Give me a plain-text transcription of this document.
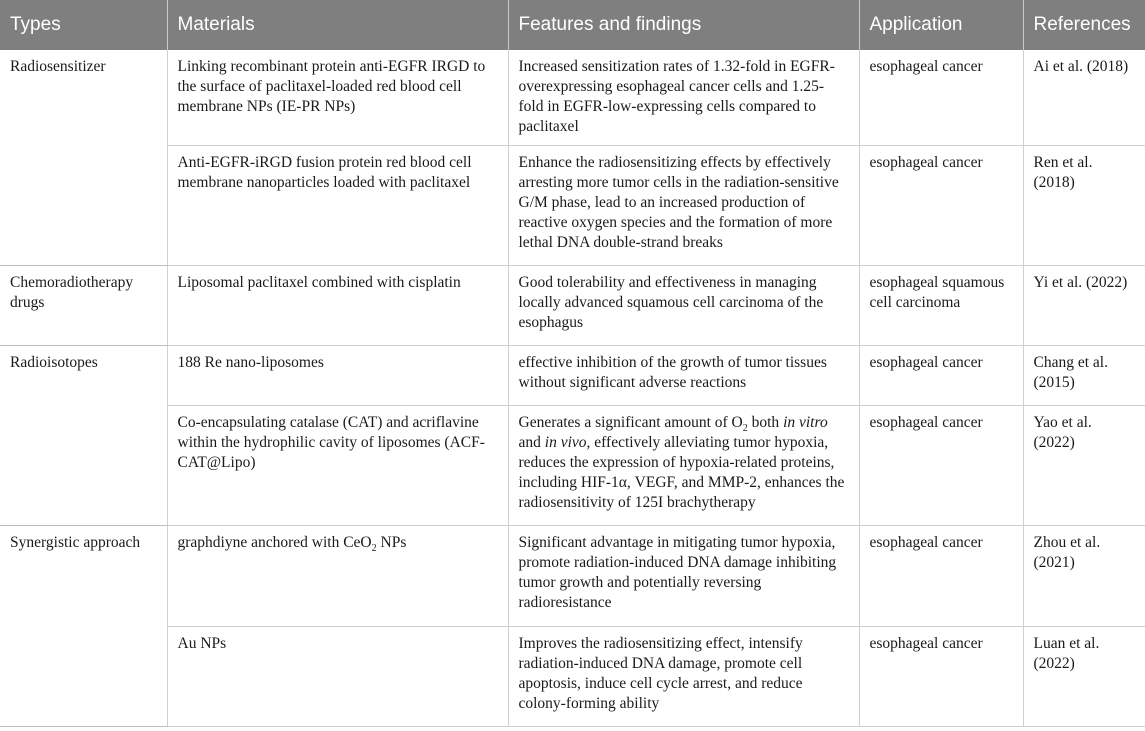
Types	Materials	Features and findings	Application	References
Radiosensitizer	Linking recombinant protein anti-EGFR IRGD to the surface of paclitaxel-loaded red blood cell membrane NPs (IE-PR NPs)	Increased sensitization rates of 1.32-fold in EGFR-overexpressing esophageal cancer cells and 1.25-fold in EGFR-low-expressing cells compared to paclitaxel	esophageal cancer	Ai et al. (2018)
	Anti-EGFR-iRGD fusion protein red blood cell membrane nanoparticles loaded with paclitaxel	Enhance the radiosensitizing effects by effectively arresting more tumor cells in the radiation-sensitive G/M phase, lead to an increased production of reactive oxygen species and the formation of more lethal DNA double-strand breaks	esophageal cancer	Ren et al. (2018)
Chemoradiotherapy drugs	Liposomal paclitaxel combined with cisplatin	Good tolerability and effectiveness in managing locally advanced squamous cell carcinoma of the esophagus	esophageal squamous cell carcinoma	Yi et al. (2022)
Radioisotopes	188 Re nano-liposomes	effective inhibition of the growth of tumor tissues without significant adverse reactions	esophageal cancer	Chang et al. (2015)
	Co-encapsulating catalase (CAT) and acriflavine within the hydrophilic cavity of liposomes (ACF-CAT@Lipo)	Generates a significant amount of $O_2$ both in vitro and in vivo, effectively alleviating tumor hypoxia, reduces the expression of hypoxia-related proteins, including HIF-1α, VEGF, and MMP-2, enhances the radiosensitivity of 125I brachytherapy	esophageal cancer	Yao et al. (2022)
Synergistic approach	graphdiyne anchored with CeO$_2$ NPs	Significant advantage in mitigating tumor hypoxia, promote radiation-induced DNA damage inhibiting tumor growth and potentially reversing radioresistance	esophageal cancer	Zhou et al. (2021)
	Au NPs	Improves the radiosensitizing effect, intensify radiation-induced DNA damage, promote cell apoptosis, induce cell cycle arrest, and reduce colony-forming ability	esophageal cancer	Luan et al. (2022)
